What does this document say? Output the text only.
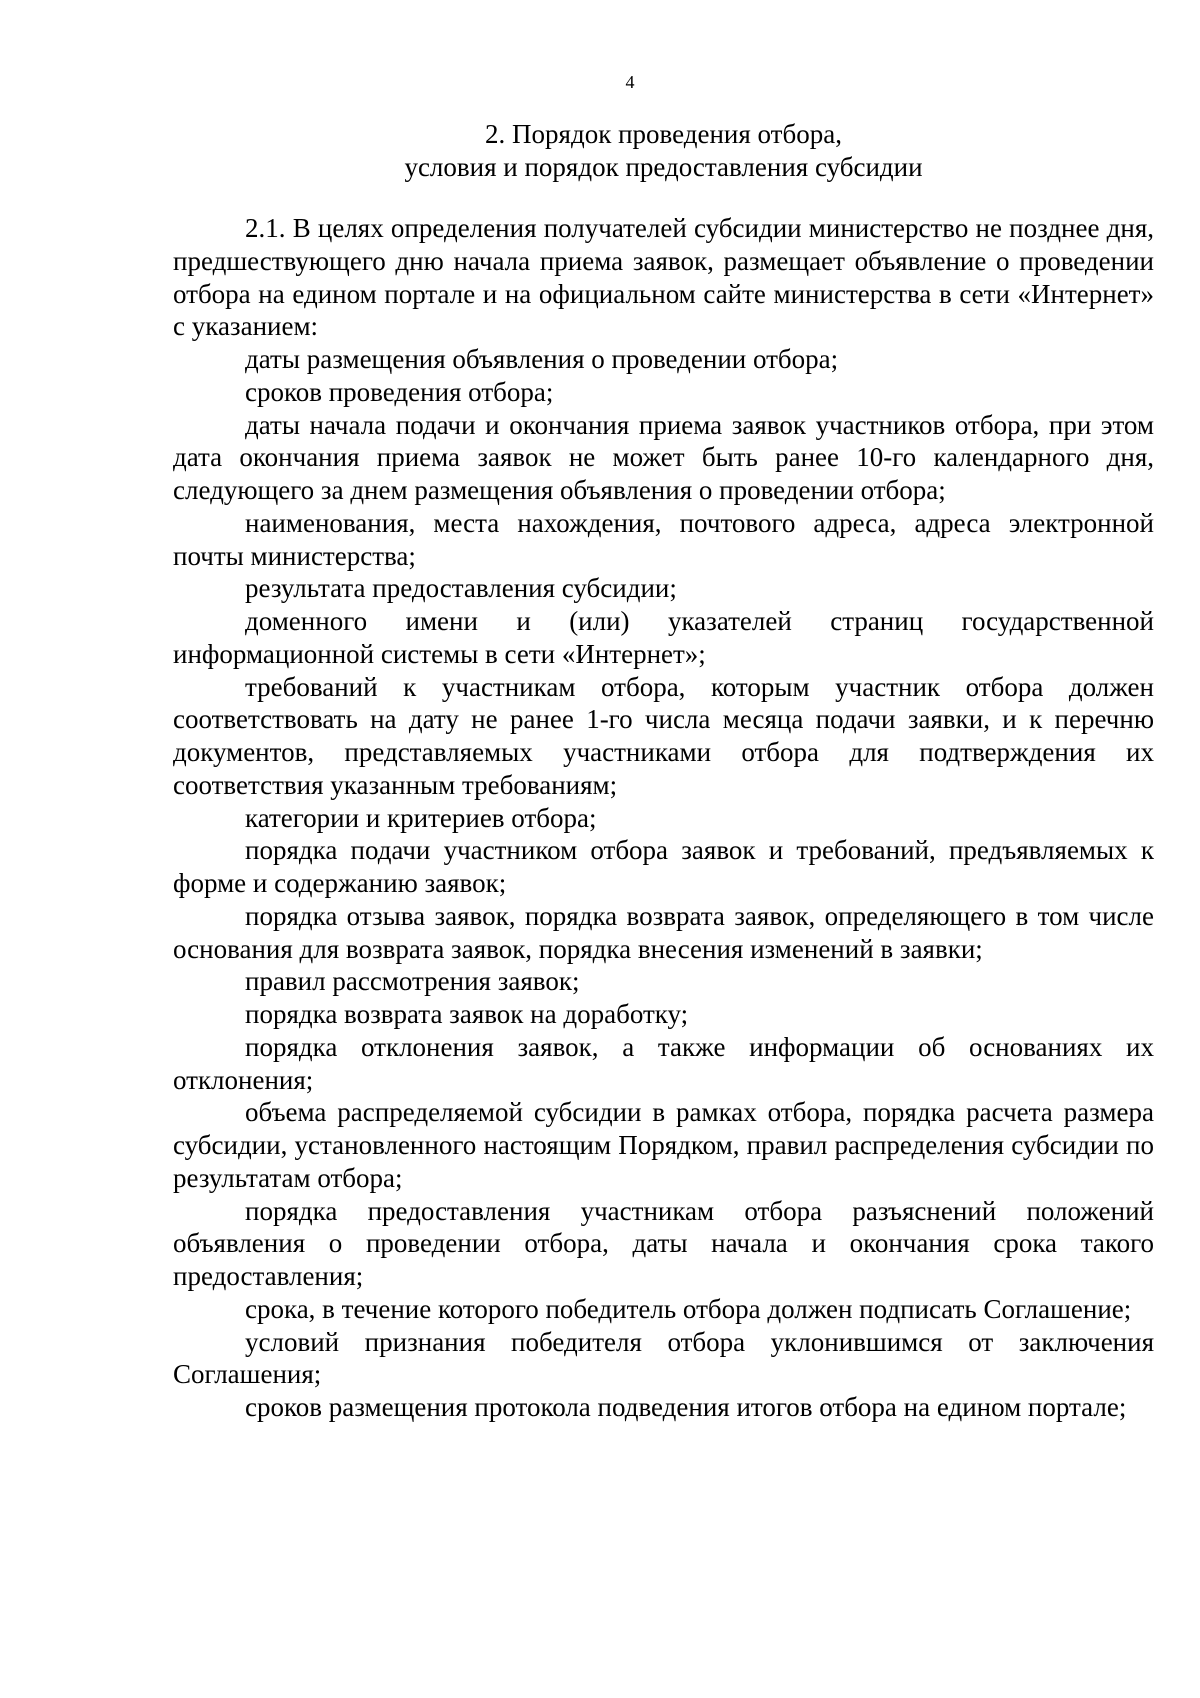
4
2. Порядок проведения отбора,
условия и порядок предоставления субсидии

2.1. В целях определения получателей субсидии министерство не позднее дня, предшествующего дню начала приема заявок, размещает объявление о проведении отбора на едином портале и на официальном сайте министерства в сети «Интернет» с указанием:

даты размещения объявления о проведении отбора;

сроков проведения отбора;

даты начала подачи и окончания приема заявок участников отбора, при этом дата окончания приема заявок не может быть ранее 10-го календарного дня, следующего за днем размещения объявления о проведении отбора;

наименования, места нахождения, почтового адреса, адреса электронной почты министерства;

результата предоставления субсидии;

доменного имени и (или) указателей страниц государственной информационной системы в сети «Интернет»;

требований к участникам отбора, которым участник отбора должен соответствовать на дату не ранее 1-го числа месяца подачи заявки, и к перечню документов, представляемых участниками отбора для подтверждения их соответствия указанным требованиям;

категории и критериев отбора;

порядка подачи участником отбора заявок и требований, предъявляемых к форме и содержанию заявок;

порядка отзыва заявок, порядка возврата заявок, определяющего в том числе основания для возврата заявок, порядка внесения изменений в заявки;

правил рассмотрения заявок;

порядка возврата заявок на доработку;

порядка отклонения заявок, а также информации об основаниях их отклонения;

объема распределяемой субсидии в рамках отбора, порядка расчета размера субсидии, установленного настоящим Порядком, правил распределения субсидии по результатам отбора;

порядка предоставления участникам отбора разъяснений положений объявления о проведении отбора, даты начала и окончания срока такого предоставления;

срока, в течение которого победитель отбора должен подписать Соглашение;

условий признания победителя отбора уклонившимся от заключения Соглашения;

сроков размещения протокола подведения итогов отбора на едином портале;
